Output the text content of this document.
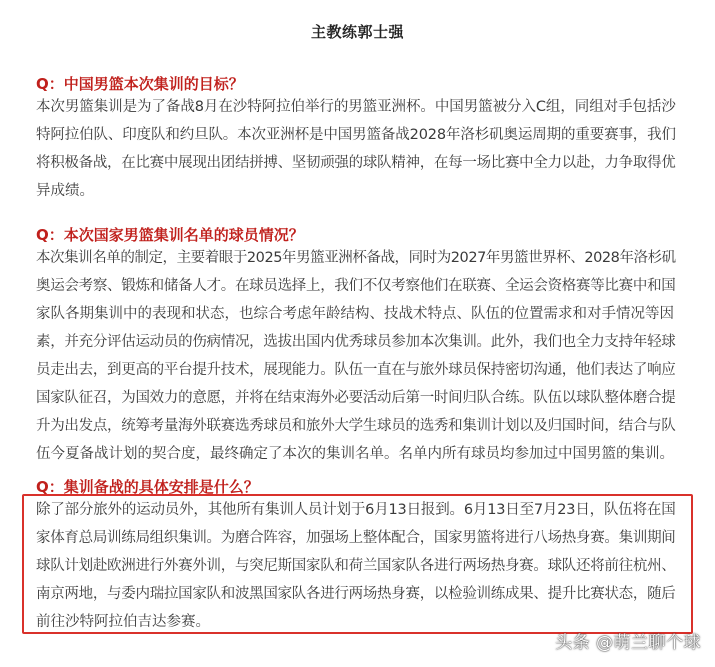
主教练郭士强
Q：中国男篮本次集训的目标？
本次男篮集训是为了备战8月在沙特阿拉伯举行的男篮亚洲杯。中国男篮被分入C组，同组对手包括沙
特阿拉伯队、印度队和约旦队。本次亚洲杯是中国男篮备战2028年洛杉矶奥运周期的重要赛事，我们
将积极备战，在比赛中展现出团结拼搏、坚韧顽强的球队精神，在每一场比赛中全力以赴，力争取得优
异成绩。
Q：本次国家男篮集训名单的球员情况？
本次集训名单的制定，主要着眼于2025年男篮亚洲杯备战，同时为2027年男篮世界杯、2028年洛杉矶
奥运会考察、锻炼和储备人才。在球员选择上，我们不仅考察他们在联赛、全运会资格赛等比赛中和国
家队各期集训中的表现和状态，也综合考虑年龄结构、技战术特点、队伍的位置需求和对手情况等因
素，并充分评估运动员的伤病情况，选拔出国内优秀球员参加本次集训。此外，我们也全力支持年轻球
员走出去，到更高的平台提升技术，展现能力。队伍一直在与旅外球员保持密切沟通，他们表达了响应
国家队征召，为国效力的意愿，并将在结束海外必要活动后第一时间归队合练。队伍以球队整体磨合提
升为出发点，统筹考量海外联赛选秀球员和旅外大学生球员的选秀和集训计划以及归国时间，结合与队
伍今夏备战计划的契合度，最终确定了本次的集训名单。名单内所有球员均参加过中国男篮的集训。
Q：集训备战的具体安排是什么？
除了部分旅外的运动员外，其他所有集训人员计划于6月13日报到。6月13日至7月23日，队伍将在国
家体育总局训练局组织集训。为磨合阵容，加强场上整体配合，国家男篮将进行八场热身赛。集训期间
球队计划赴欧洲进行外赛外训，与突尼斯国家队和荷兰国家队各进行两场热身赛。球队还将前往杭州、
南京两地，与委内瑞拉国家队和波黑国家队各进行两场热身赛，以检验训练成果、提升比赛状态，随后
前往沙特阿拉伯吉达参赛。
头条 @萌兰聊个球
